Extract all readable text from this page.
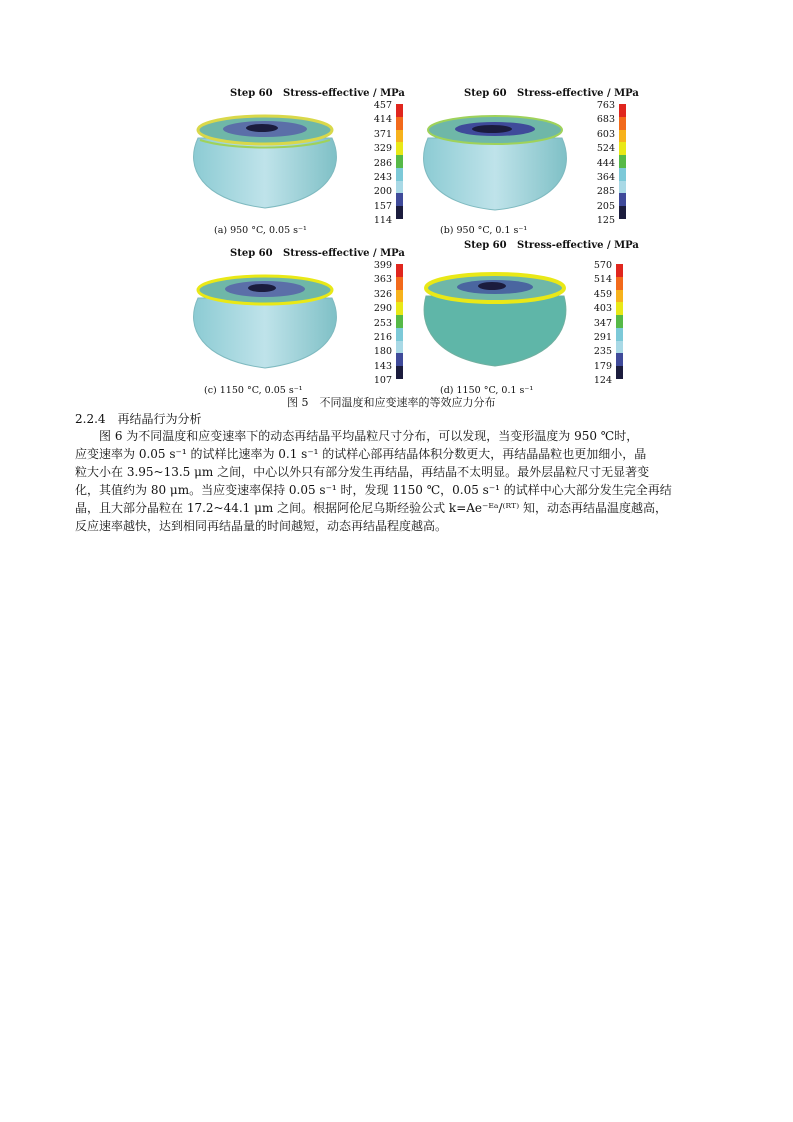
Step 60 Stress-effective / MPa
457
414
371
329
286
243
200
157
114
(a) 950 °C, 0.05 s⁻¹
Step 60 Stress-effective / MPa
763
683
603
524
444
364
285
205
125
(b) 950 °C, 0.1 s⁻¹
Step 60 Stress-effective / MPa
399
363
326
290
253
216
180
143
107
(c) 1150 °C, 0.05 s⁻¹
Step 60 Stress-effective / MPa
570
514
459
403
347
291
235
179
124
(d) 1150 °C, 0.1 s⁻¹
图 5　不同温度和应变速率的等效应力分布
2.2.4　再结晶行为分析
　　图 6 为不同温度和应变速率下的动态再结晶平均晶粒尺寸分布，可以发现，当变形温度为 950 ℃时，
应变速率为 0.05 s⁻¹ 的试样比速率为 0.1 s⁻¹ 的试样心部再结晶体积分数更大，再结晶晶粒也更加细小，晶
粒大小在 3.95~13.5 μm 之间，中心以外只有部分发生再结晶，再结晶不太明显。最外层晶粒尺寸无显著变
化，其值约为 80 μm。当应变速率保持 0.05 s⁻¹ 时，发现 1150 ℃，0.05 s⁻¹ 的试样中心大部分发生完全再结
晶，且大部分晶粒在 17.2~44.1 μm 之间。根据阿伦尼乌斯经验公式 k=Ae⁻ᴱᵃ/⁽ᴿᵀ⁾ 知，动态再结晶温度越高，
反应速率越快，达到相同再结晶量的时间越短，动态再结晶程度越高。
